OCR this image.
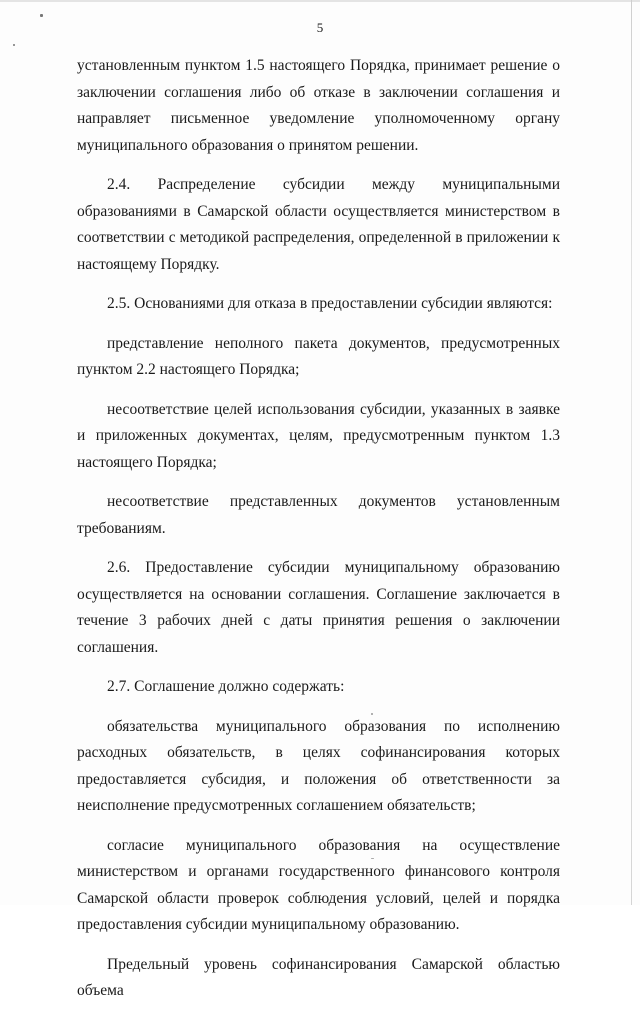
5

установленным пунктом 1.5 настоящего Порядка, принимает решение о заключении соглашения либо об отказе в заключении соглашения и направляет письменное уведомление уполномоченному органу муниципального образования о принятом решении.

2.4. Распределение субсидии между муниципальными образованиями в Самарской области осуществляется министерством в соответствии с методикой распределения, определенной в приложении к настоящему Порядку.

2.5. Основаниями для отказа в предоставлении субсидии являются:

представление неполного пакета документов, предусмотренных пунктом 2.2 настоящего Порядка;

несоответствие целей использования субсидии, указанных в заявке и приложенных документах, целям, предусмотренным пунктом 1.3 настоящего Порядка;

несоответствие представленных документов установленным требованиям.

2.6. Предоставление субсидии муниципальному образованию осуществляется на основании соглашения. Соглашение заключается в течение 3 рабочих дней с даты принятия решения о заключении соглашения.

2.7. Соглашение должно содержать:

обязательства муниципального образования по исполнению расходных обязательств, в целях софинансирования которых предоставляется субсидия, и положения об ответственности за неисполнение предусмотренных соглашением обязательств;

согласие муниципального образования на осуществление министерством и органами государственного финансового контроля Самарской области проверок соблюдения условий, целей и порядка предоставления субсидии муниципальному образованию.

Предельный уровень софинансирования Самарской областью объема
